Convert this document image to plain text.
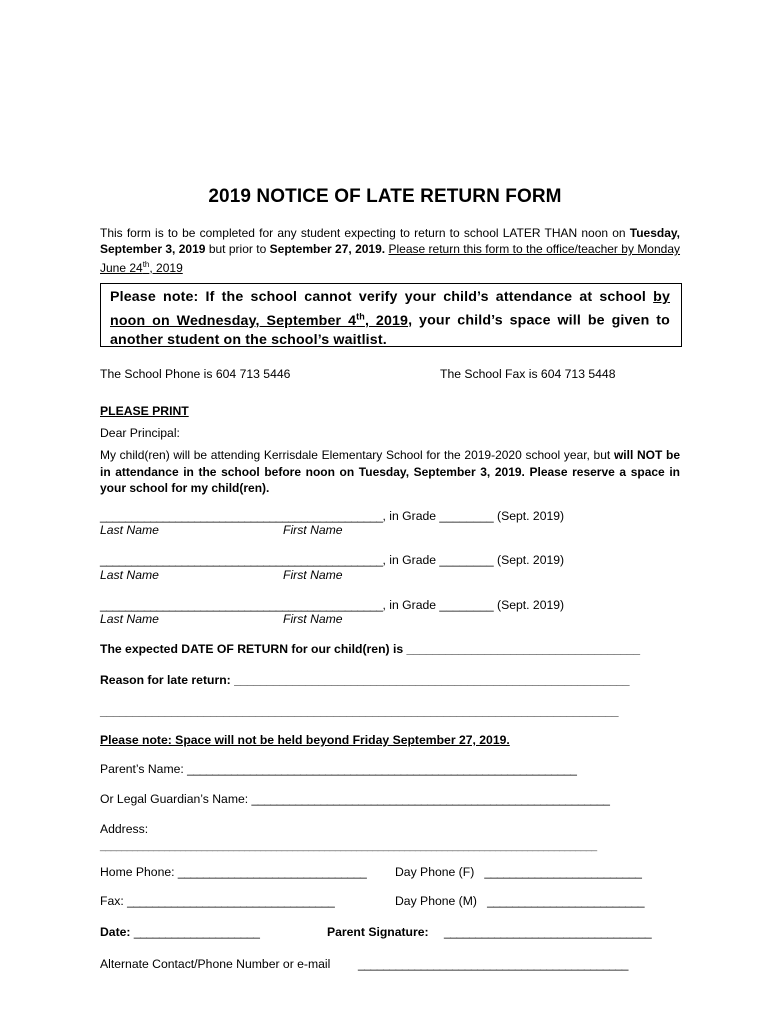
2019 NOTICE OF LATE RETURN FORM
This form is to be completed for any student expecting to return to school LATER THAN noon on Tuesday, September 3, 2019 but prior to September 27, 2019. Please return this form to the office/teacher by Monday June 24th, 2019
Please note: If the school cannot verify your child’s attendance at school by noon on Wednesday, September 4th, 2019, your child’s space will be given to another student on the school’s waitlist.
The School Phone is 604 713 5446	The School Fax is 604 713 5448
PLEASE PRINT
Dear Principal:
My child(ren) will be attending Kerrisdale Elementary School for the 2019-2020 school year, but will NOT be in attendance in the school before noon on Tuesday, September 3, 2019. Please reserve a space in your school for my child(ren).
_____________________________________________, in Grade ________ (Sept. 2019)
Last Name	First Name
_____________________________________________, in Grade ________ (Sept. 2019)
Last Name	First Name
_____________________________________________, in Grade ________ (Sept. 2019)
Last Name	First Name
The expected DATE OF RETURN for our child(ren) is ____________________________________
Reason for late return: _____________________________________________________________
________________________________________________________________________________
Please note: Space will not be held beyond Friday September 27, 2019.
Parent’s Name: ______________________________________________________________
Or Legal Guardian’s Name: _________________________________________________________
Address:
_____________________________________________________________________________________________
Home Phone: ______________________________ Day Phone (F)   _________________________
Fax: _________________________________	Day Phone (M)   _________________________
Date: ____________________	Parent Signature: _________________________________
Alternate Contact/Phone Number or e-mail ___________________________________________
